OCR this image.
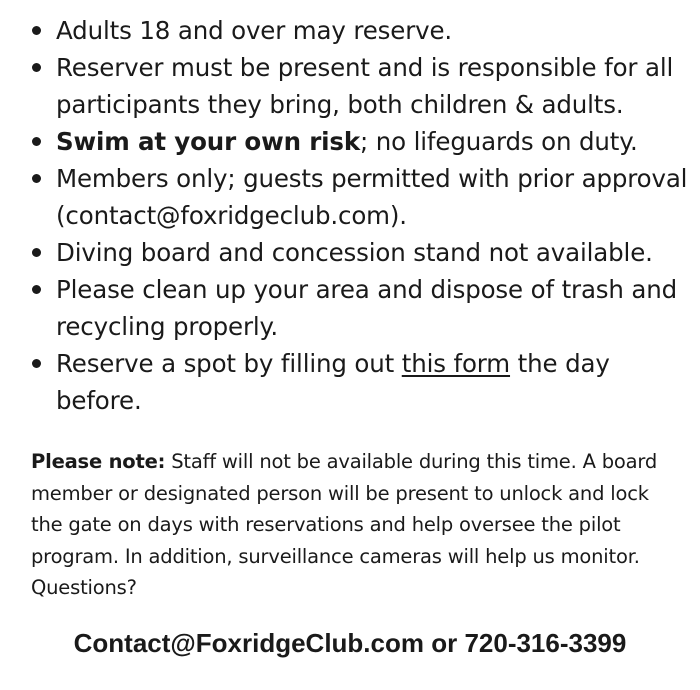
Adults 18 and over may reserve.
Reserver must be present and is responsible for all participants they bring, both children & adults.
Swim at your own risk; no lifeguards on duty.
Members only; guests permitted with prior approval (contact@foxridgeclub.com).
Diving board and concession stand not available.
Please clean up your area and dispose of trash and recycling properly.
Reserve a spot by filling out this form the day before.

Please note: Staff will not be available during this time. A board member or designated person will be present to unlock and lock the gate on days with reservations and help oversee the pilot program. In addition, surveillance cameras will help us monitor. Questions?

Contact@FoxridgeClub.com or 720-316-3399
